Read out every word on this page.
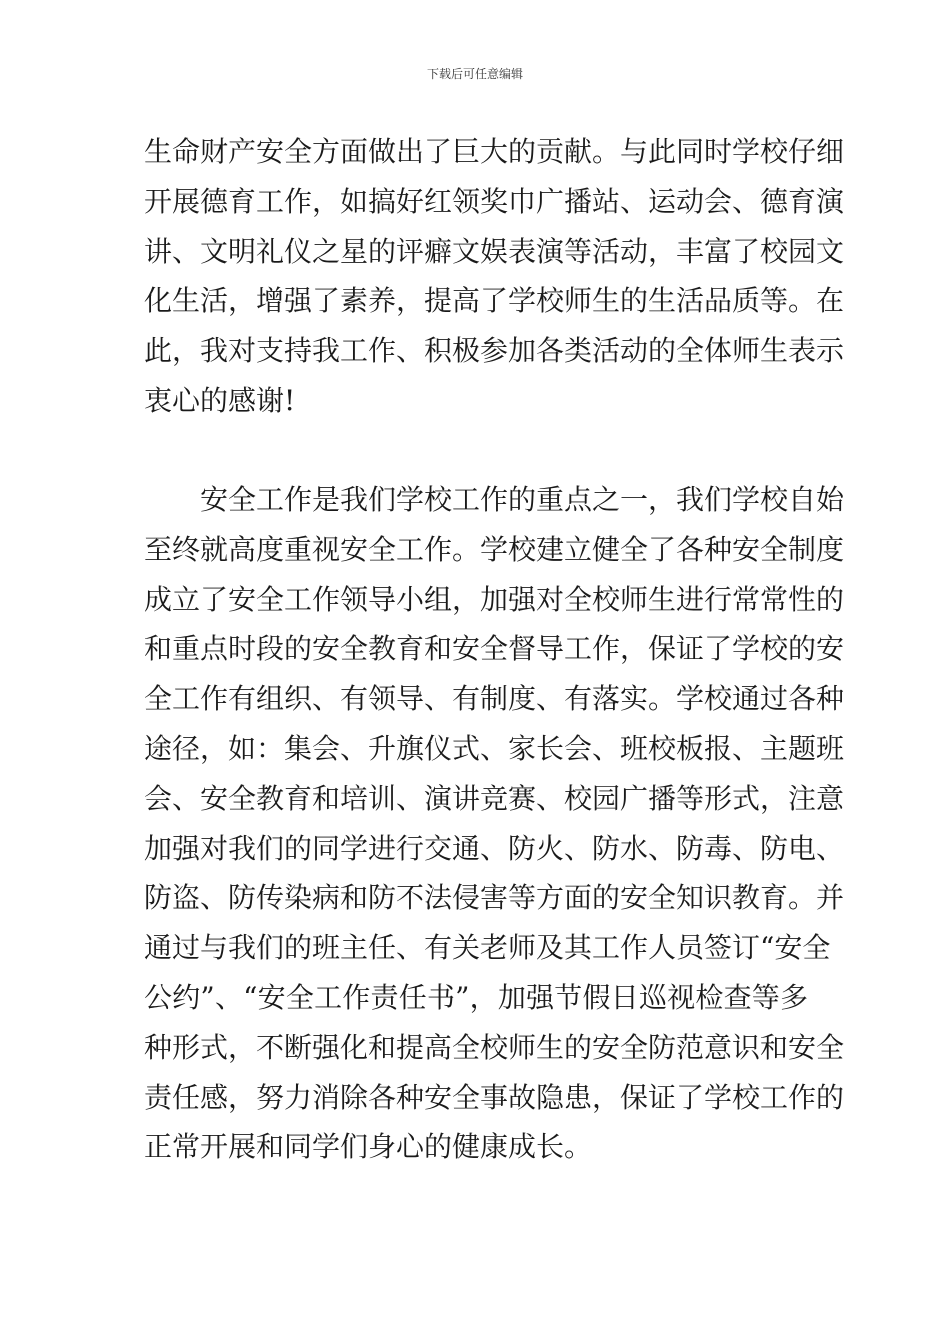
下载后可任意编辑
生命财产安全方面做出了巨大的贡献。与此同时学校仔细
开展德育工作，如搞好红领奖巾广播站、运动会、德育演
讲、文明礼仪之星的评癖文娱表演等活动，丰富了校园文
化生活，增强了素养，提高了学校师生的生活品质等。在
此，我对支持我工作、积极参加各类活动的全体师生表示
衷心的感谢!
安全工作是我们学校工作的重点之一，我们学校自始
至终就高度重视安全工作。学校建立健全了各种安全制度
成立了安全工作领导小组，加强对全校师生进行常常性的
和重点时段的安全教育和安全督导工作，保证了学校的安
全工作有组织、有领导、有制度、有落实。学校通过各种
途径，如：集会、升旗仪式、家长会、班校板报、主题班
会、安全教育和培训、演讲竞赛、校园广播等形式，注意
加强对我们的同学进行交通、防火、防水、防毒、防电、
防盗、防传染病和防不法侵害等方面的安全知识教育。并
通过与我们的班主任、有关老师及其工作人员签订“安全
公约”、“安全工作责任书”，加强节假日巡视检查等多
种形式，不断强化和提高全校师生的安全防范意识和安全
责任感，努力消除各种安全事故隐患，保证了学校工作的
正常开展和同学们身心的健康成长。
